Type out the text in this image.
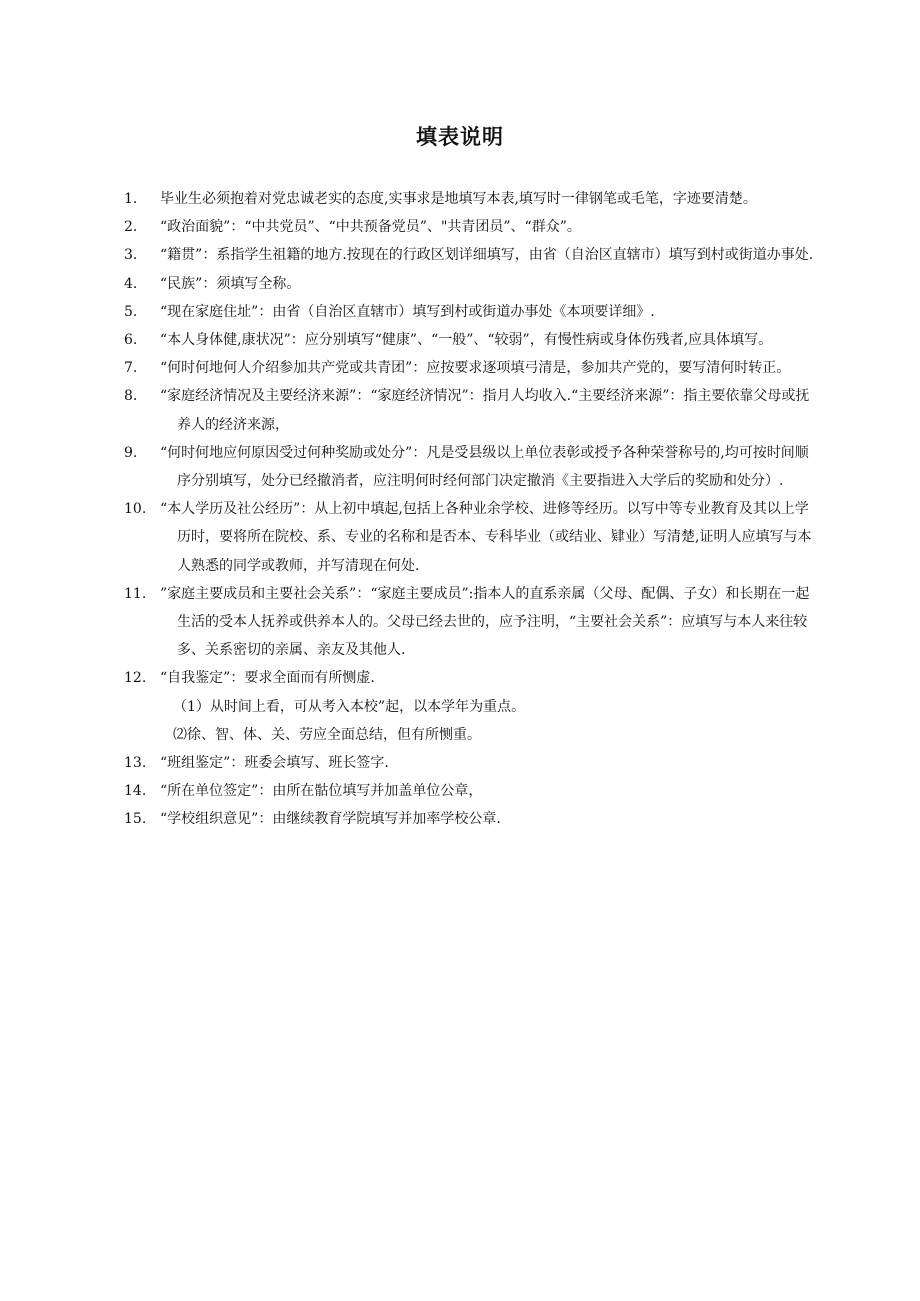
填表说明
1.	毕业生必须抱着对党忠诚老实的态度,实事求是地填写本表,填写时一律钢笔或毛笔，字迹要清楚。
2.	“政治面貌”：“中共党员”、“中共预备党员”、"共青团员”、“群众”。
3.	“籍贯”：系指学生祖籍的地方.按现在的行政区划详细填写，由省（自治区直辖市）填写到村或街道办事处.
4.	“民族”：须填写全称。
5.	“现在家庭住址”：由省（自治区直辖市）填写到村或街道办事处《本项要详细》.
6.	“本人身体健,康状况”：应分别填写“健康”、“一般”、“较弱”，有慢性病或身体伤残者,应具体填写。
7.	“何时何地何人介绍参加共产党或共青团”：应按要求逐项填弓清是，参加共产党的，要写清何时转正。
8.	“家庭经济情况及主要经济来源”：“家庭经济情况”：指月人均收入.“主要经济来源”：指主要依靠父母或抚养人的经济来源，
9.	“何时何地应何原因受过何种奖励或处分”：凡是受县级以上单位表彰或授予各种荣誉称号的,均可按时间顺序分别填写，处分已经撤消者，应注明何时经何部门决定撤消《主要指进入大学后的奖励和处分）.
10. “本人学历及社公经历”：从上初中填起,包括上各种业余学校、进修等经历。以写中等专业教育及其以上学历时，要将所在院校、系、专业的名称和是否本、专科毕业（或结业、肄业）写清楚,证明人应填写与本人熟悉的同学或教师，并写清现在何处.
11. ”家庭主要成员和主要社会关系”：“家庭主要成员”:指本人的直系亲属（父母、配偶、子女）和长期在一起生活的受本人抚养或供养本人的。父母已经去世的，应予注明，“主要社会关系”：应填写与本人来往较多、关系密切的亲属、亲友及其他人.
12. “自我鉴定”：要求全面而有所恻虚.
（1）从时间上看，可从考入本校”起，以本学年为重点。
⑵徐、智、体、关、劳应全面总结，但有所恻重。
13. “班组鉴定”：班委会填写、班长签字.
14. “所在单位签定”：由所在骷位填写并加盖单位公章，
15. “学校组织意见”：由继续教育学院填写并加率学校公章.
